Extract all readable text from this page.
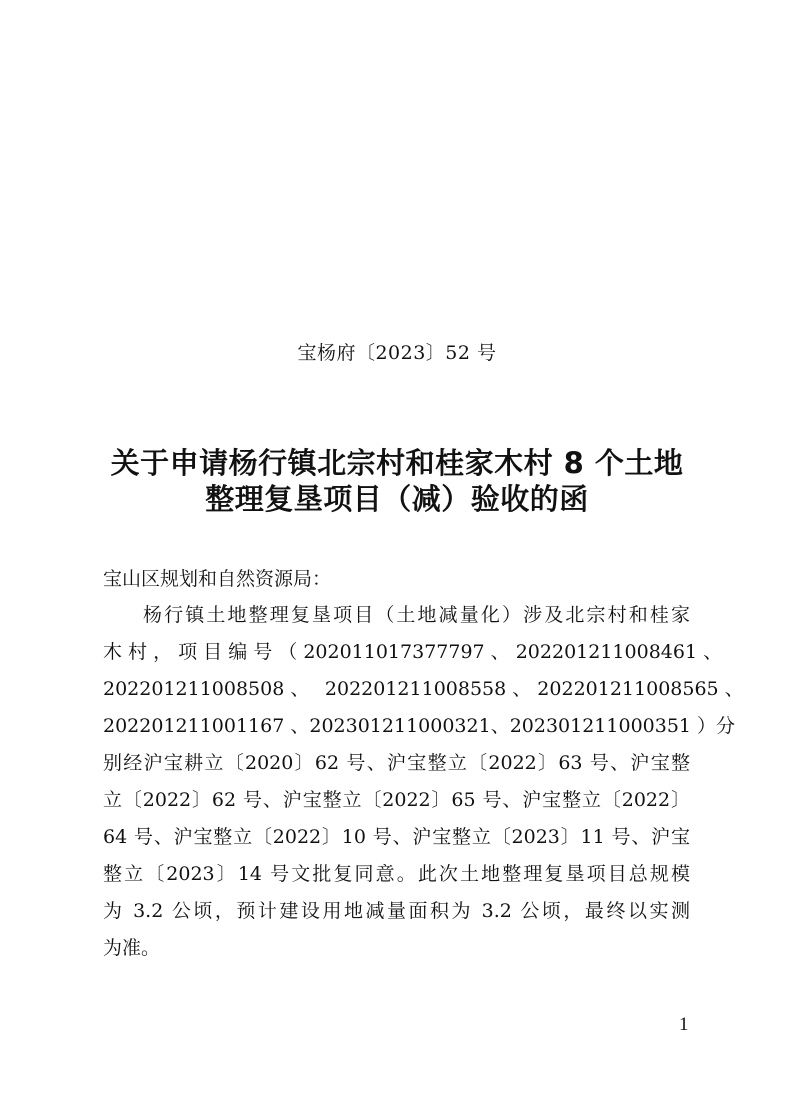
宝杨府〔2023〕52 号
关于申请杨行镇北宗村和桂家木村 8 个土地
整理复垦项目（减）验收的函
宝山区规划和自然资源局：
杨行镇土地整理复垦项目（土地减量化）涉及北宗村和桂家
木 村 ， 项 目 编 号 （ 202011017377797 、 202201211008461 、
202201211008508 、　 202201211008558 、 202201211008565 、
202201211001167 、202301211000321、202301211000351 ）分
别经沪宝耕立〔2020〕62 号、沪宝整立〔2022〕63 号、沪宝整
立〔2022〕62 号、沪宝整立〔2022〕65 号、沪宝整立〔2022〕
64 号、沪宝整立〔2022〕10 号、沪宝整立〔2023〕11 号、沪宝
整立〔2023〕14 号文批复同意。此次土地整理复垦项目总规模
为 3.2 公顷，预计建设用地减量面积为 3.2 公顷，最终以实测
为准。
1
